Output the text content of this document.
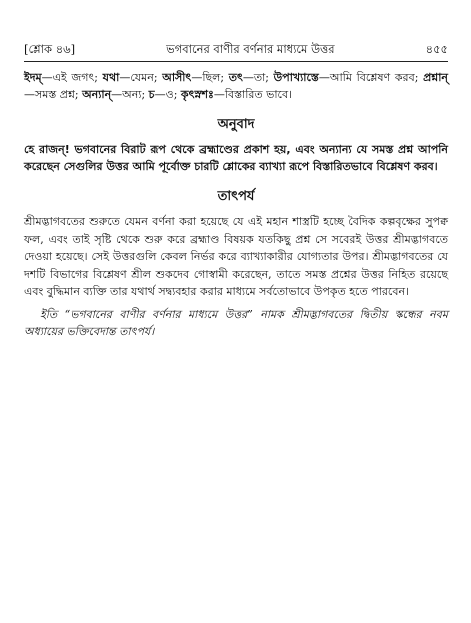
[শ্লোক ৪৬]	ভগবানের বাণীর বর্ণনার মাধ্যমে উত্তর	৪৫৫
ইদম্—এই জগৎ; যথা—যেমন; আসীৎ—ছিল; তৎ—তা; উপাখ্যাস্তে—আমি বিশ্লেষণ করব; প্রশ্নান্—সমস্ত প্রশ্ন; অন্যান্—অন্য; চ—ও; কৃৎস্নশঃ—বিস্তারিত ভাবে।
অনুবাদ
হে রাজন্! ভগবানের বিরাট রূপ থেকে ব্রহ্মাণ্ডের প্রকাশ হয়, এবং অন্যান্য যে সমস্ত প্রশ্ন আপনি করেছেন সেগুলির উত্তর আমি পূর্বোক্ত চারটি শ্লোকের ব্যাখ্যা রূপে বিস্তারিতভাবে বিশ্লেষণ করব।
তাৎপর্য
শ্রীমদ্ভাগবতের শুরুতে যেমন বর্ণনা করা হয়েছে যে এই মহান শাস্ত্রটি হচ্ছে বৈদিক কল্পবৃক্ষের সুপক্ব ফল, এবং তাই সৃষ্টি থেকে শুরু করে ব্রহ্মাণ্ড বিষয়ক যতকিছু প্রশ্ন সে সবেরই উত্তর শ্রীমদ্ভাগবতে দেওয়া হয়েছে। সেই উত্তরগুলি কেবল নির্ভর করে ব্যাখ্যাকারীর যোগ্যতার উপর। শ্রীমদ্ভাগবতের যে দশটি বিভাগের বিশ্লেষণ শ্রীল শুকদেব গোস্বামী করেছেন, তাতে সমস্ত প্রশ্নের উত্তর নিহিত রয়েছে এবং বুদ্ধিমান ব্যক্তি তার যথার্থ সদ্ব্যবহার করার মাধ্যমে সর্বতোভাবে উপকৃত হতে পারবেন।
ইতি “ভগবানের বাণীর বর্ণনার মাধ্যমে উত্তর” নামক শ্রীমদ্ভাগবতের দ্বিতীয় স্কন্ধের নবম অধ্যায়ের ভক্তিবেদান্ত তাৎপর্য।
